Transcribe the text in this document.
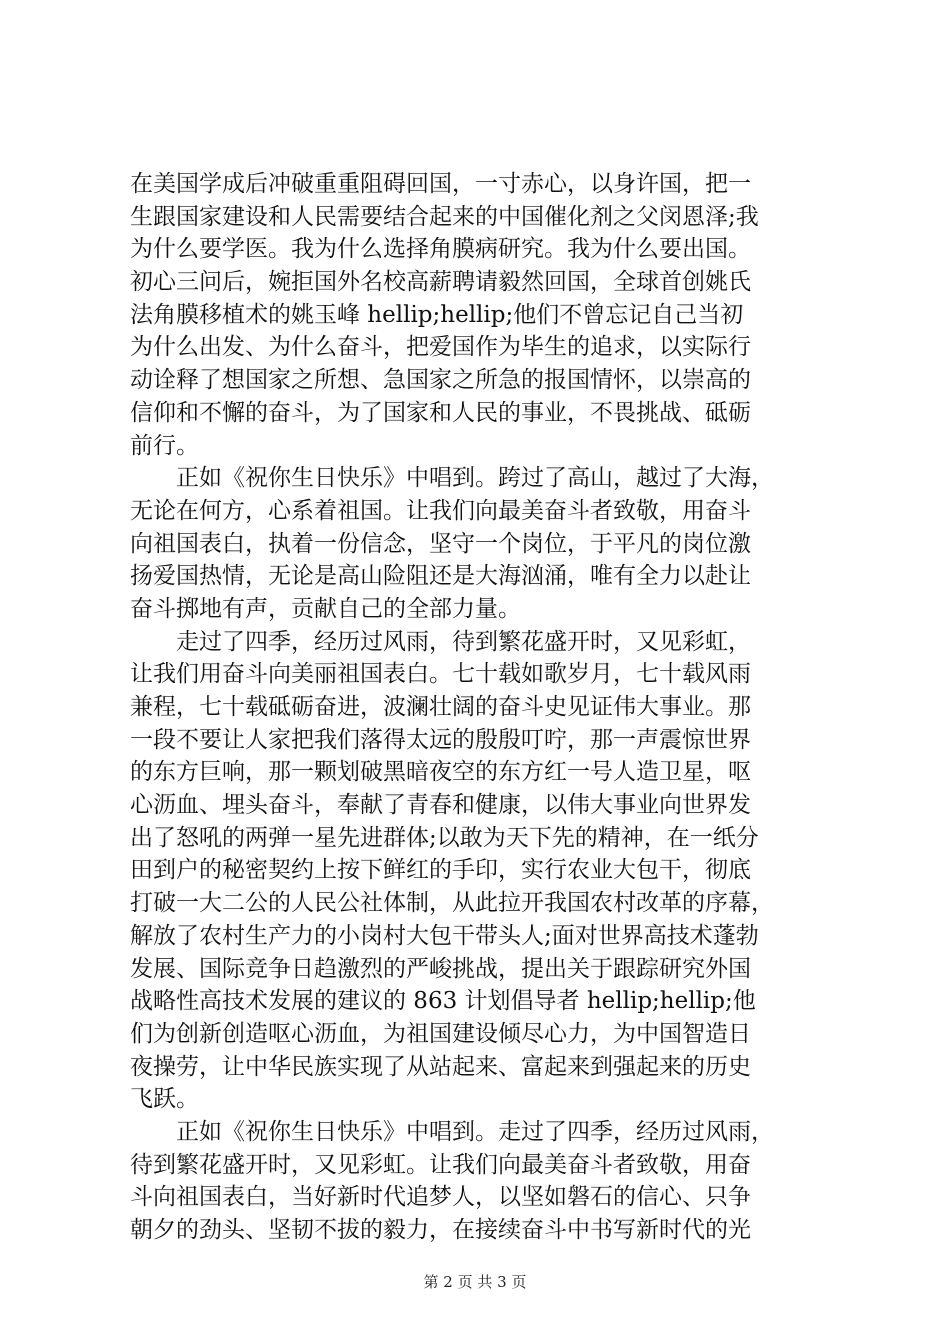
在美国学成后冲破重重阻碍回国，一寸赤心，以身许国，把一
生跟国家建设和人民需要结合起来的中国催化剂之父闵恩泽;我
为什么要学医。我为什么选择角膜病研究。我为什么要出国。
初心三问后，婉拒国外名校高薪聘请毅然回国，全球首创姚氏
法角膜移植术的姚玉峰 hellip;hellip;他们不曾忘记自己当初
为什么出发、为什么奋斗，把爱国作为毕生的追求，以实际行
动诠释了想国家之所想、急国家之所急的报国情怀，以崇高的
信仰和不懈的奋斗，为了国家和人民的事业，不畏挑战、砥砺
前行。
　　正如《祝你生日快乐》中唱到。跨过了高山，越过了大海，
无论在何方，心系着祖国。让我们向最美奋斗者致敬，用奋斗
向祖国表白，执着一份信念，坚守一个岗位，于平凡的岗位激
扬爱国热情，无论是高山险阻还是大海汹涌，唯有全力以赴让
奋斗掷地有声，贡献自己的全部力量。
　　走过了四季，经历过风雨，待到繁花盛开时，又见彩虹，
让我们用奋斗向美丽祖国表白。七十载如歌岁月，七十载风雨
兼程，七十载砥砺奋进，波澜壮阔的奋斗史见证伟大事业。那
一段不要让人家把我们落得太远的殷殷叮咛，那一声震惊世界
的东方巨响，那一颗划破黑暗夜空的东方红一号人造卫星，呕
心沥血、埋头奋斗，奉献了青春和健康，以伟大事业向世界发
出了怒吼的两弹一星先进群体;以敢为天下先的精神，在一纸分
田到户的秘密契约上按下鲜红的手印，实行农业大包干，彻底
打破一大二公的人民公社体制，从此拉开我国农村改革的序幕，
解放了农村生产力的小岗村大包干带头人;面对世界高技术蓬勃
发展、国际竞争日趋激烈的严峻挑战，提出关于跟踪研究外国
战略性高技术发展的建议的 863 计划倡导者 hellip;hellip;他
们为创新创造呕心沥血，为祖国建设倾尽心力，为中国智造日
夜操劳，让中华民族实现了从站起来、富起来到强起来的历史
飞跃。
　　正如《祝你生日快乐》中唱到。走过了四季，经历过风雨，
待到繁花盛开时，又见彩虹。让我们向最美奋斗者致敬，用奋
斗向祖国表白，当好新时代追梦人，以坚如磐石的信心、只争
朝夕的劲头、坚韧不拔的毅力，在接续奋斗中书写新时代的光
第 2 页 共 3 页
